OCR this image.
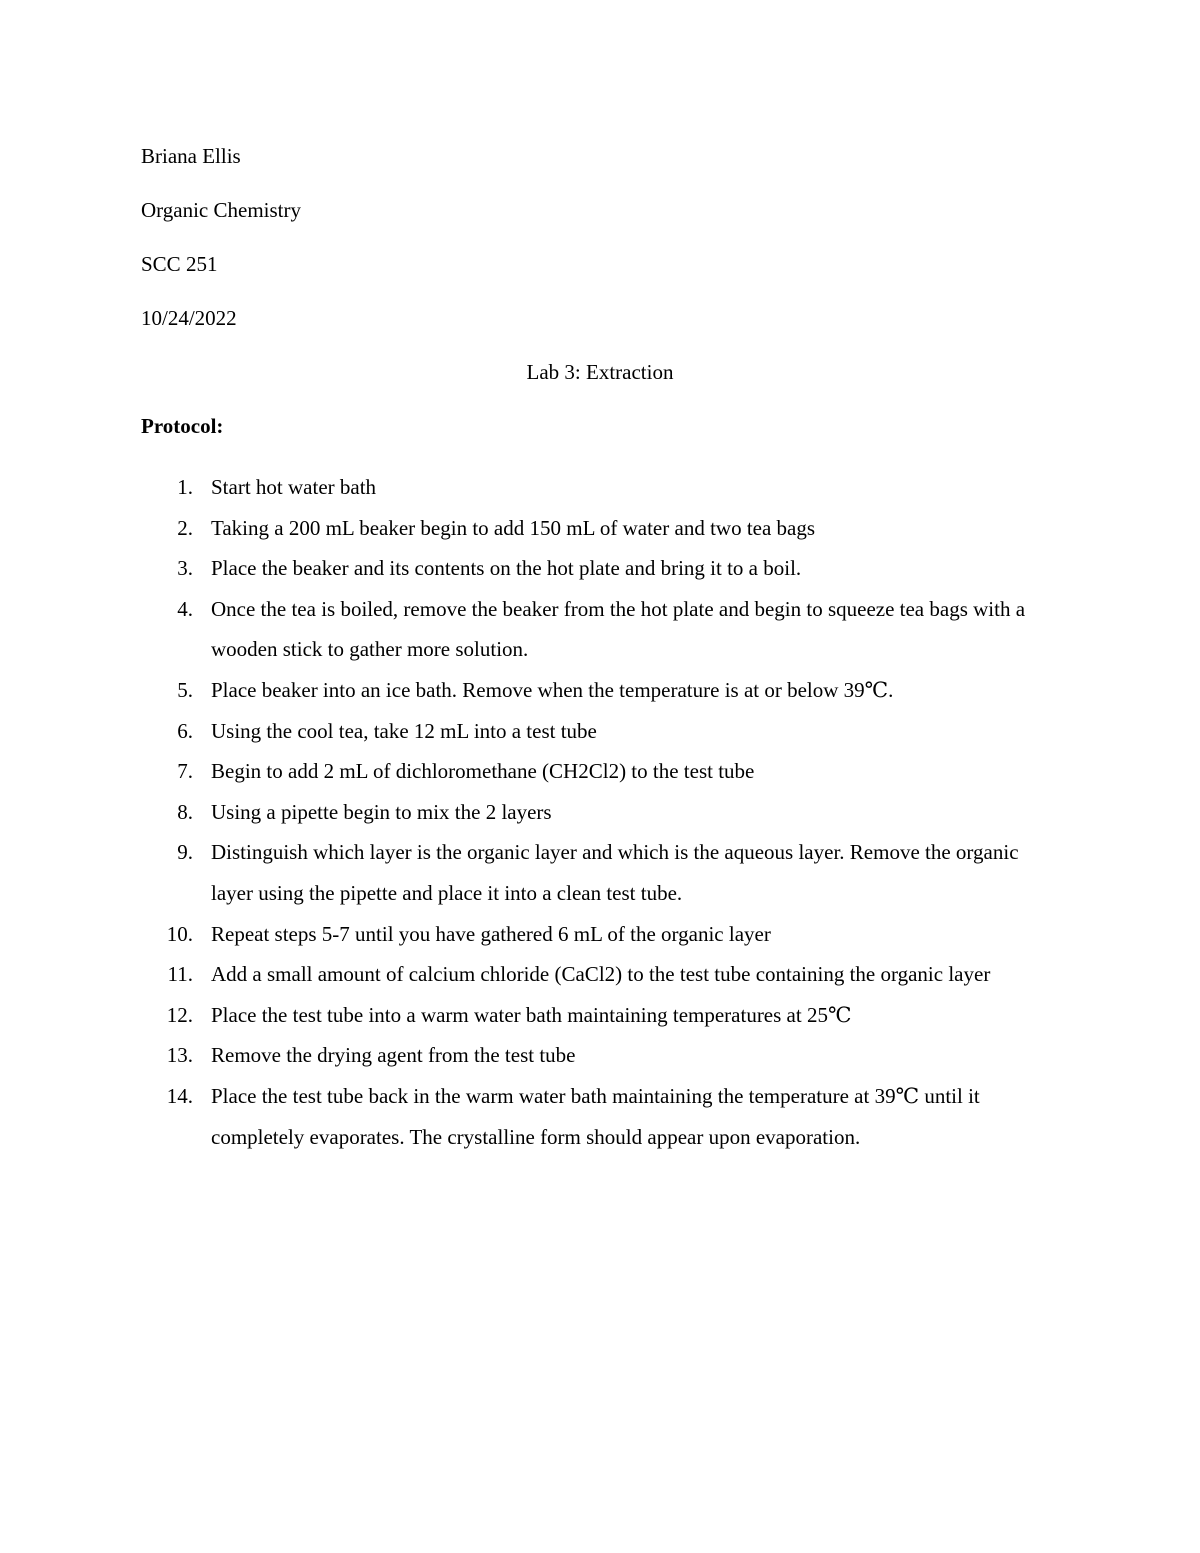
Briana Ellis
Organic Chemistry
SCC 251
10/24/2022
Lab 3: Extraction
Protocol:
1. Start hot water bath
2. Taking a 200 mL beaker begin to add 150 mL of water and two tea bags
3. Place the beaker and its contents on the hot plate and bring it to a boil.
4. Once the tea is boiled, remove the beaker from the hot plate and begin to squeeze tea bags with a wooden stick to gather more solution.
5. Place beaker into an ice bath. Remove when the temperature is at or below 39℃.
6. Using the cool tea, take 12 mL into a test tube
7. Begin to add 2 mL of dichloromethane (CH2Cl2) to the test tube
8. Using a pipette begin to mix the 2 layers
9. Distinguish which layer is the organic layer and which is the aqueous layer. Remove the organic layer using the pipette and place it into a clean test tube.
10. Repeat steps 5-7 until you have gathered 6 mL of the organic layer
11. Add a small amount of calcium chloride (CaCl2) to the test tube containing the organic layer
12. Place the test tube into a warm water bath maintaining temperatures at 25℃
13. Remove the drying agent from the test tube
14. Place the test tube back in the warm water bath maintaining the temperature at 39℃ until it completely evaporates. The crystalline form should appear upon evaporation.
